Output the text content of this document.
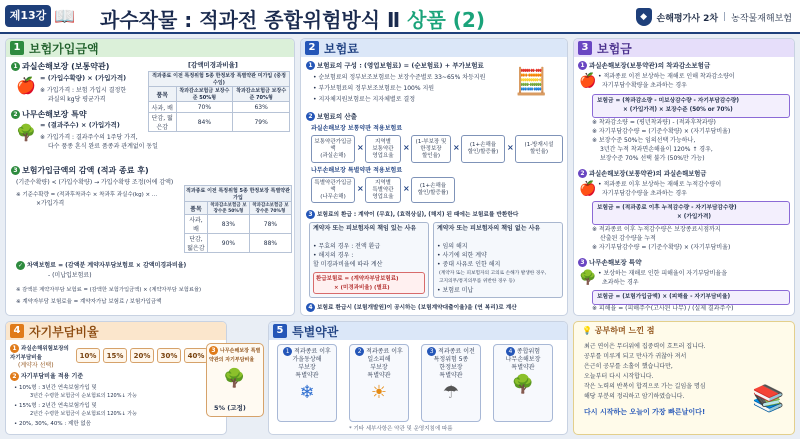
제13강 📖 과수작물 : 적과전 종합위험방식 Ⅱ 상품 (2)	◆	손해평가사 2차 | 농작물재해보험
1 보험가입금액
1 과실손해보장 (보통약관)
🍎 = (가입수확량) × (가입가격)
※ 가입가격 : 보험 가입시 결정한
과실의 kg당 평균가격
2 나무손해보장 특약
🌳 = (결과주수) × (가입가격)
※ 가입가격 : 결과주수의 1주당 가격,
다수 품종 혼식 완료 품종과 관계없이 동일
[감액미경과비율]
적과종료 이전 특정위험 5종 한정보장 특별약관 미가입 (중정수임)		
품목	착과감소보험금 보장수준 50%형	착과감소보험금 보장수준 70%형
사과, 배	70%	63%
단감, 떫은감	84%	79%
3 보험가입금액의 감액 (적과 종료 후)
(기준수확량) < (가입수확량) → 가입수확량 조정(어에 감액)
※ 기준수확량 = (적과후착과수 × 착과후 과실수(kg) × ...
×가입가격
적과종료 이전 특정위험 5종 한정보장 특별약관 가입		
품목	착과감소보험금 보장수준 50%형	착과감소보험금 보장수준 70%형
사과, 배	83%	78%
단감, 떫은감	90%	88%
✓ 차액보험료 = (감액분 계약자부담보험료 × 감액미경과비율)
- (미납입보험료)
※ 감액분 계약자부담 보험료 = (감액한 보험가입금액) × (계약자부담 보험료율)
※ 계약자부담 보험료율 = 계약자가납 보험료 / 보험가입금액
2 보험료
1 보험료의 구성 : (영업보험료) = (순보험료) + 부가보험료
• 순보험료의 정부보조보험료는 보장수준별로 33~65% 차등지원
• 부가보험료의 정부보조보험료는 100% 지원
• 지자체지원보험료는 지자체별로 결정
🧮
2 보험료의 산출
과실손해보장 보통약관 적용보험료
보통약관가입금액
(과실손해)
×
지역별
보통약관
영업요율
×
(1-부보장 및
한정보장
할인율)
×	(1+손해율
할인/할증률)	×	(1-방재시설
할인율)
나무손해보장 특별약관 적용보험료
특별약관가입금액
(나무손해)
×
지역별
특별약관
영업요율
×	(1+손해율
할인/할증률)
3 보험료의 환급 : 계약이 (무효), (효력상실), (해지) 된 때에는 보험료를 반환한다
계약자 또는 피보험자의 책임 있는 사유
• 무효의 경우 : 전액 환급
• 해지의 경우 :
할 미경과비율에 따라 계산
환급보험료 = (계약자부담보험료)
× (미경과비율) (별표)
계약자 또는 피보험자의 책임 없는 사유
• 임의 해지
• 사기에 의한 계약
• 중대 사유로 인한 해지
(계약자 또는 피보험자의 고의로 손해가 발생한 경우,
고지의무/통지의무를 위반한 경우 등)
• 보험료 미납
4 보험료 환급시 (보험개발원)이 공시하는 (보험계약대출이율)을 (연 복리)로 계산
3 보험금
1 과실손해보장(보통약관)의 착과감소보험금
🍎 • 적과종료 이전 보상하는 재해로 인해 착과감소량이
자기부담수확량을 초과하는 경우
보험금 = (착과감소량 - 미보상감수량 - 자기부담감수량)
× (가입가격) × 보장수준 (50% or 70%)
※ 착과감소량 = (평년착과량) - (적과후착과량)
※ 자기부담감수량 = (기준수확량) × (자기부담비율)
※ 보장수준 50%는 임의선택 가능하나,
3년간 누적 착과면손해율이 120% ↑ 경우,
보장수준 70% 선택 불가 (50%만 가능)
2 과실손해보장(보통약관)의 과실손해보험금
🍎 • 적과종료 이후 보상하는 재해로 누적감수량이
자기부담감수량을 초과하는 경우
보험금 = (적과종료 이후 누적감수량 - 자기부담감수량)
× (가입가격)
※ 적과종료 이후 누적감수량은 보장종료시점까지
산출된 감수량을 누적
※ 자기부담감수량 = (기준수확량) × (자기부담비율)
3 나무손해보장 특약
🌳 • 보상하는 재해로 인한 피해율이 자기부담비율을
초과하는 경우
보험금 = (보험가입금액) × (피해율 - 자기부담비율)
※ 피해율 = (피해주수(고사된 나무) / (실제 결과주수)
4 자기부담비율
1 과실손해위험보장의 자기부담비율
(계약자 선택)
10%	15%	20%	30%	40%
2 자기부담비율 적용 기준
• 10%형 : 3년간 연속보험가입 및
3년간 수령한 보험금이 순보험료의 120%↓ 가능
• 15%형 : 2년간 연속보험가입 및
2년간 수령한 보험금이 순보험료의 120%↓ 가능
• 20%, 30%, 40% : 제한 없음
3 나무손해보장 특별약관의 자기부담비율
🌳
5% (고정)
5 특별약관
1 적과종료 이후
가을동상해
부보장
특별약관
❄
2 적과종료 이후
일소피해
부보장
특별약관
☀
3 적과종료 이전
특정위험 5종
한정보장
특별약관
☂
4 종합위험
나무손해보장
특별약관
🌳
* 기타 세부사항은 약관 및 운영지침에 따름
💡 공부하며 느낀 점
최근 연이은 무더위에 집중력이 흐트러 집니다.
공부를 미루게 되고 만사가 귀찮아 져서
은근히 공부를 소홀이 했습니다만,
오늘부터 다시 시작합니다.
작은 노력의 반복이 합격으로 가는 길임을 명심
해당 부분의 정리하고 암기하였습니다.
다시 시작하는 오늘이 가장 빠른날이다! 📚
